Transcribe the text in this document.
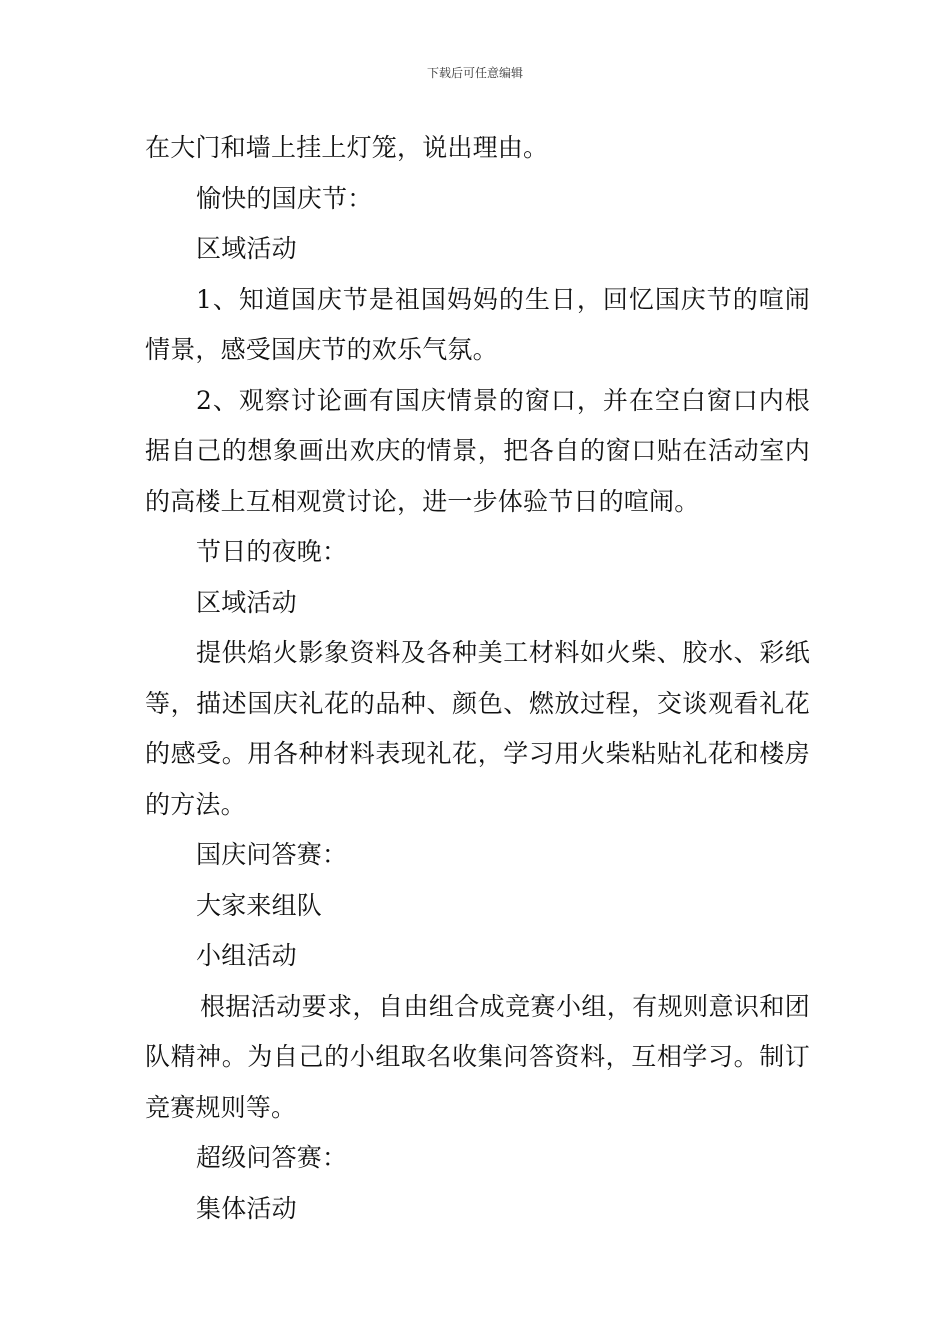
下载后可任意编辑

在大门和墙上挂上灯笼，说出理由。

愉快的国庆节：

区域活动

1、知道国庆节是祖国妈妈的生日，回忆国庆节的喧闹情景，感受国庆节的欢乐气氛。

2、观察讨论画有国庆情景的窗口，并在空白窗口内根据自己的想象画出欢庆的情景，把各自的窗口贴在活动室内的高楼上互相观赏讨论，进一步体验节日的喧闹。

节日的夜晚：

区域活动

提供焰火影象资料及各种美工材料如火柴、胶水、彩纸等，描述国庆礼花的品种、颜色、燃放过程，交谈观看礼花的感受。用各种材料表现礼花，学习用火柴粘贴礼花和楼房的方法。

国庆问答赛：

大家来组队

小组活动

根据活动要求，自由组合成竞赛小组，有规则意识和团队精神。为自己的小组取名收集问答资料，互相学习。制订竞赛规则等。

超级问答赛：

集体活动
